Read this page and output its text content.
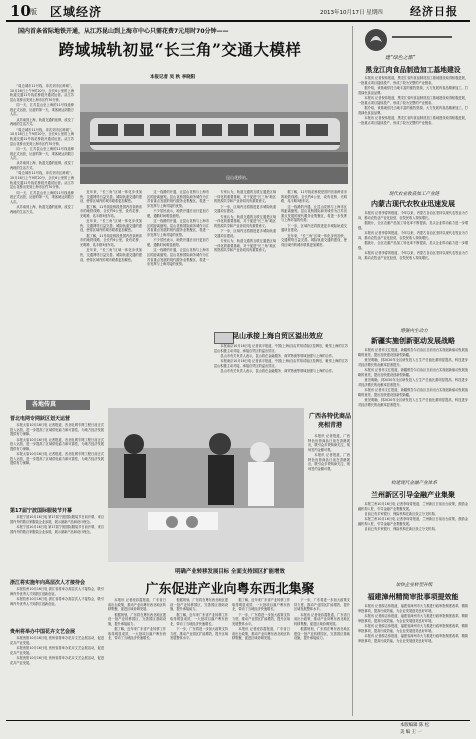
10 版 区域经济	2013年10月17日 星期四 经济日报
国内首条省际地铁开通，从江苏昆山到上海市中心只需花费7元用时70分钟——
跨域城轨初显“长三角”交通大模样
本报记者 吴 秋 李晓阳

“周边城市11号线，冲次到市区跨城”。10月16日上午9时20分，全长6公里的上海轨道交通11号线花桥段开通试运营。从江苏昆山花桥出发到上海市区约70分钟。

同一天，江苏昆山至上海的11号线延伸段正式运营，运营的第一天，乘客就达到数万人次。

从苏南到上海，轨道交通的延伸，改变了两地的生活方式。

“周边城市11号线，冲次到市区跨城”。10月16日上午9时20分，全长6公里的上海轨道交通11号线花桥段开通试运营。从江苏昆山花桥出发到上海市区约70分钟。

同一天，江苏昆山至上海的11号线延伸段正式运营，运营的第一天，乘客就达到数万人次。

从苏南到上海，轨道交通的延伸，改变了两地的生活方式。

“周边城市11号线，冲次到市区跨城”。10月16日上午9时20分，全长6公里的上海轨道交通11号线花桥段开通试运营。从江苏昆山花桥出发到上海市区约70分钟。

同一天，江苏昆山至上海的11号线延伸段正式运营，运营的第一天，乘客就达到数万人次。

从苏南到上海，轨道交通的延伸，改变了两地的生活方式。

昆山花桥站。

近年来，“长三角”区域一体化步伐加快，交通网络日益完善。城际轨道交通的建设，使得区域内的城市联系更加紧密。

据了解，11号线花桥段是国内首条跨省市的地铁线路，全长约6公里，设有花桥、光明路、兆丰路3座车站。

近年来，“长三角”区域一体化步伐加快，交通网络日益完善。城际轨道交通的建设，使得区域内的城市联系更加紧密。

据了解，11号线花桥段是国内首条跨省市的地铁线路，全长约6公里，设有花桥、光明路、兆丰路3座车站。

近年来，“长三角”区域一体化步伐加快，交通网络日益完善。城际轨道交通的建设，使得区域内的城市联系更加紧密。

这一线路的开通，让昆山花桥与上海市区的距离缩短。昆山花桥国际商务城作为江苏省重点发展的现代服务业集聚区，将进一步发挥与上海对接的优势。

不少居民表示，地铁开通后出行更加方便，通勤时间明显缩短。

这一线路的开通，让昆山花桥与上海市区的距离缩短。昆山花桥国际商务城作为江苏省重点发展的现代服务业集聚区，将进一步发挥与上海对接的优势。

不少居民表示，地铁开通后出行更加方便，通勤时间明显缩短。

这一线路的开通，让昆山花桥与上海市区的距离缩短。昆山花桥国际商务城作为江苏省重点发展的现代服务业集聚区，将进一步发挥与上海对接的优势。

专家认为，轨道交通的互联互通是区域一体化的重要基础，对于促进“长三角”地区的资源共享和产业协同具有重要意义。

下一步，区域内还将推进更多城际轨道交通项目建设。

专家认为，轨道交通的互联互通是区域一体化的重要基础，对于促进“长三角”地区的资源共享和产业协同具有重要意义。

下一步，区域内还将推进更多城际轨道交通项目建设。

专家认为，轨道交通的互联互通是区域一体化的重要基础，对于促进“长三角”地区的资源共享和产业协同具有重要意义。

据了解，11号线花桥段是国内首条跨省市的地铁线路，全长约6公里，设有花桥、光明路、兆丰路3座车站。

这一线路的开通，让昆山花桥与上海市区的距离缩短。昆山花桥国际商务城作为江苏省重点发展的现代服务业集聚区，将进一步发挥与上海对接的优势。

下一步，区域内还将推进更多城际轨道交通项目建设。

近年来，“长三角”区域一体化步伐加快，交通网络日益完善。城际轨道交通的建设，使得区域内的城市联系更加紧密。

建“绿色之都”
黑龙江肉食品制造加工基地建设

本报讯 记者倪伟报道，黑龙江省肉食品制造加工基地建设取得积极进展，一批重点项目陆续投产，形成了较为完整的产业链条。

据介绍，该基地依托当地丰富的畜牧资源，大力发展肉食品精深加工，打造绿色食品品牌。

本报讯 记者倪伟报道，黑龙江省肉食品制造加工基地建设取得积极进展，一批重点项目陆续投产，形成了较为完整的产业链条。

据介绍，该基地依托当地丰富的畜牧资源，大力发展肉食品精深加工，打造绿色食品品牌。

本报讯 记者倪伟报道，黑龙江省肉食品制造加工基地建设取得积极进展，一批重点项目陆续投产，形成了较为完整的产业链条。

现代农业收获加工产业链
内蒙古现代农牧业迅速发展

本报讯 记者李春风报道，今年以来，内蒙古自治区坚持以现代农牧业为方向，推动农牧业产业化经营，农牧民收入持续增长。

据统计，全区农畜产品加工转化率不断提高，龙头企业带动能力进一步增强。

本报讯 记者李春风报道，今年以来，内蒙古自治区坚持以现代农牧业为方向，推动农牧业产业化经营，农牧民收入持续增长。

据统计，全区农畜产品加工转化率不断提高，龙头企业带动能力进一步增强。

本报讯 记者李春风报道，今年以来，内蒙古自治区坚持以现代农牧业为方向，推动农牧业产业化经营，农牧民收入持续增长。

增强内生动力
新疆实施创新驱动发展战略

本报讯 记者乔文汇报道，新疆维吾尔自治区日前出台实施创新驱动发展战略的意见，提出加快建设创新型新疆。

意见明确，到2020年全区研发投入占生产总值比重明显提高，科技进步对经济增长的贡献率显著提升。

本报讯 记者乔文汇报道，新疆维吾尔自治区日前出台实施创新驱动发展战略的意见，提出加快建设创新型新疆。

意见明确，到2020年全区研发投入占生产总值比重明显提高，科技进步对经济增长的贡献率显著提升。

本报讯 记者乔文汇报道，新疆维吾尔自治区日前出台实施创新驱动发展战略的意见，提出加快建设创新型新疆。

意见明确，到2020年全区研发投入占生产总值比重明显提高，科技进步对经济增长的贡献率显著提升。

构建现代金融产业体系
兰州新区引导金融产业集聚

本报兰州10月16日电 记者李琛奇报道，兰州新区日前出台政策，鼓励金融机构入驻，引导金融产业集聚发展。

目前已有多家银行、保险机构在新区设立分支机构。

本报兰州10月16日电 记者李琛奇报道，兰州新区日前出台政策，鼓励金融机构入驻，引导金融产业集聚发展。

目前已有多家银行、保险机构在新区设立分支机构。

加快企业转型升级
福建漳州精简审批事项提效能

本报讯 记者薛志伟报道，福建省漳州市大力推进行政审批制度改革，精简审批事项，提高行政效能，为企业发展创造良好环境。

本报讯 记者薛志伟报道，福建省漳州市大力推进行政审批制度改革，精简审批事项，提高行政效能，为企业发展创造良好环境。

本报讯 记者薛志伟报道，福建省漳州市大力推进行政审批制度改革，精简审批事项，提高行政效能，为企业发展创造良好环境。

本报讯 记者薛志伟报道，福建省漳州市大力推进行政审批制度改革，精简审批事项，提高行政效能，为企业发展创造良好环境。

昆山承接上海自贸区溢出效应

本报南京10月16日电 记者高平报道，中国(上海)自由贸易试验区挂牌后，毗邻上海的江苏昆山积极主动对接，承接自贸区的溢出效应。

昆山市有关负责人表示，昆山将在金融服务、商贸物流等领域加强与上海的合作。

本报南京10月16日电 记者高平报道，中国(上海)自由贸易试验区挂牌后，毗邻上海的江苏昆山积极主动对接，承接自贸区的溢出效应。

昆山市有关负责人表示，昆山将在金融服务、商贸物流等领域加强与上海的合作。

各地传真
晋北电网专网跃区划天运营

本报太原10月16日电 记者报道，晋北电网专网工程日前正式投入运营，进一步提高了区域供电能力和可靠性，为地方经济发展提供有力保障。

本报太原10月16日电 记者报道，晋北电网专网工程日前正式投入运营，进一步提高了区域供电能力和可靠性，为地方经济发展提供有力保障。

本报太原10月16日电 记者报道，晋北电网专网工程日前正式投入运营，进一步提高了区域供电能力和可靠性，为地方经济发展提供有力保障。

第17届宁波国际服装节开幕

本报宁波10月16日电 第17届宁波国际服装节日前开幕，来自国内外的数百家服装企业参展，展示最新产品和设计理念。

本报宁波10月16日电 第17届宁波国际服装节日前开幕，来自国内外的数百家服装企业参展，展示最新产品和设计理念。

浙江将实施年向高层次人才接待会

本报杭州10月16日电 浙江省将举办高层次人才接待会，吸引海内外优秀人才到浙江创新创业。

本报杭州10月16日电 浙江省将举办高层次人才接待会，吸引海内外优秀人才到浙江创新创业。

贵州将举办中国花卉文艺会展

本报贵阳10月16日电 贵州省将举办花卉文艺会展活动，促进花卉产业发展。

本报贵阳10月16日电 贵州省将举办花卉文艺会展活动，促进花卉产业发展。

本报贵阳10月16日电 贵州省将举办花卉文艺会展活动，促进花卉产业发展。

广西各特优商品
亮相青港

本报讯 记者报道，广西特色优势商品日前在香港展出，吸引众多采购商关注，现场签约金额可观。

本报讯 记者报道，广西特色优势商品日前在香港展出，吸引众多采购商关注，现场签约金额可观。

明确产业转移发展目标 全面支持国区扩能增效
广东促进产业向粤东西北集聚

本报讯 记者庞彩霞报道，广东省日前出台政策，推动产业向粤东西北地区转移集聚，促进区域协调发展。

根据规划，广东将在粤东西北地区建设一批产业转移园区，完善园区基础设施，提升承接能力。

据了解，近年来广东省产业转移工作取得明显成效，一大批项目落户粤东西北，带动了当地经济快速增长。

根据规划，广东将在粤东西北地区建设一批产业转移园区，完善园区基础设施，提升承接能力。

据了解，近年来广东省产业转移工作取得明显成效，一大批项目落户粤东西北，带动了当地经济快速增长。

下一步，广东将进一步加大政策支持力度，推动产业园区扩能增效，提升区域发展整体水平。

据了解，近年来广东省产业转移工作取得明显成效，一大批项目落户粤东西北，带动了当地经济快速增长。

下一步，广东将进一步加大政策支持力度，推动产业园区扩能增效，提升区域发展整体水平。

本报讯 记者庞彩霞报道，广东省日前出台政策，推动产业向粤东西北地区转移集聚，促进区域协调发展。

下一步，广东将进一步加大政策支持力度，推动产业园区扩能增效，提升区域发展整体水平。

本报讯 记者庞彩霞报道，广东省日前出台政策，推动产业向粤东西北地区转移集聚，促进区域协调发展。

根据规划，广东将在粤东西北地区建设一批产业转移园区，完善园区基础设施，提升承接能力。

本版编辑 陈 松
美 编 王 一
